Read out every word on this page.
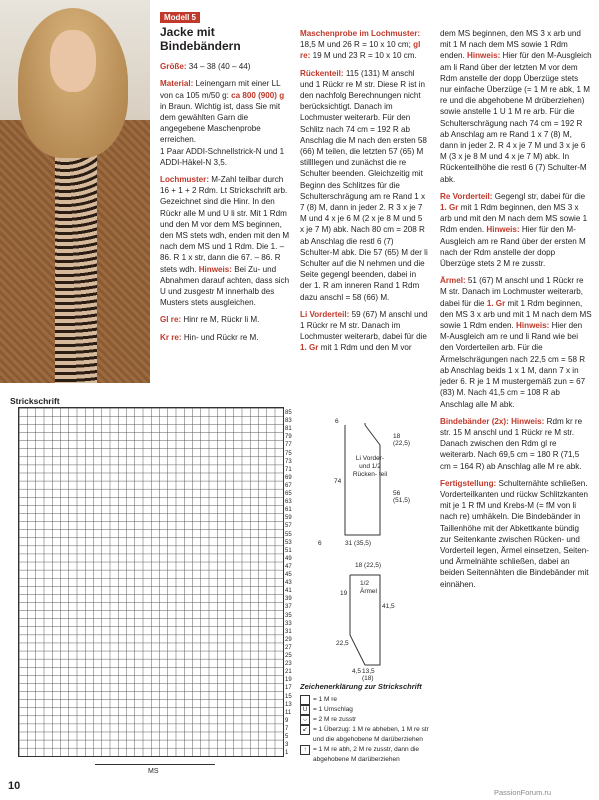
Modell 5
Jacke mit Bindebändern

Größe: 34 – 38 (40 – 44)

Material: Leinengarn mit einer LL von ca 105 m/50 g: ca 800 (900) g in Braun. Wichtig ist, dass Sie mit dem gewählten Garn die angegebene Maschenprobe erreichen.
1 Paar ADDI-Schnellstrick-N und 1 ADDI-Häkel-N 3,5.

Lochmuster: M-Zahl teilbar durch 16 + 1 + 2 Rdm. Lt Strickschrift arb. Gezeichnet sind die Hinr. In den Rückr alle M und U li str. Mit 1 Rdm und den M vor dem MS beginnen, den MS stets wdh, enden mit den M nach dem MS und 1 Rdm. Die 1. – 86. R 1 x str, dann die 67. – 86. R stets wdh. Hinweis: Bei Zu- und Abnahmen darauf achten, dass sich U und zusgestr M innerhalb des Musters stets ausgleichen.

Gl re: Hinr re M, Rückr li M.

Kr re: Hin- und Rückr re M.

Maschenprobe im Lochmuster: 18,5 M und 26 R = 10 x 10 cm; gl re: 19 M und 23 R = 10 x 10 cm.

Rückenteil: 115 (131) M anschl und 1 Rückr re M str. Diese R ist in den nachfolg Berechnungen nicht berücksichtigt. Danach im Lochmuster weiterarb. Für den Schlitz nach 74 cm = 192 R ab Anschlag die M nach den ersten 58 (66) M teilen, die letzten 57 (65) M stillllegen und zunächst die re Schulter beenden. Gleichzeitig mit Beginn des Schlitzes für die Schulterschrägung am re Rand 1 x 7 (8) M, dann in jeder 2. R 3 x je 7 M und 4 x je 6 M (2 x je 8 M und 5 x je 7 M) abk. Nach 80 cm = 208 R ab Anschlag die restl 6 (7) Schulter-M abk. Die 57 (65) M der li Schulter auf die N nehmen und die Seite gegengl beenden, dabei in der 1. R am inneren Rand 1 Rdm dazu anschl = 58 (66) M.

Li Vorderteil: 59 (67) M anschl und 1 Rückr re M str. Danach im Lochmuster weiterarb, dabei für die 1. Gr mit 1 Rdm und den M vor

dem MS beginnen, den MS 3 x arb und mit 1 M nach dem MS sowie 1 Rdm enden. Hinweis: Hier für den M-Ausgleich am li Rand über der letzten M vor dem Rdm anstelle der dopp Überzüge stets nur einfache Überzüge (= 1 M re abk, 1 M re und die abgehobene M drüberziehen) sowie anstelle 1 U 1 M re arb. Für die Schulterschrägung nach 74 cm = 192 R ab Anschlag am re Rand 1 x 7 (8) M, dann in jeder 2. R 4 x je 7 M und 3 x je 6 M (3 x je 8 M und 4 x je 7 M) abk. In Rückenteilhöhe die restl 6 (7) Schulter-M abk.

Re Vorderteil: Gegengl str, dabei für die 1. Gr mit 1 Rdm beginnen, den MS 3 x arb und mit den M nach dem MS sowie 1 Rdm enden. Hinweis: Hier für den M-Ausgleich am re Rand über der ersten M nach der Rdm anstelle der dopp Überzüge stets 2 M re zusstr.

Ärmel: 51 (67) M anschl und 1 Rückr re M str. Danach im Lochmuster weiterarb, dabei für die 1. Gr mit 1 Rdm beginnen, den MS 3 x arb und mit 1 M nach dem MS sowie 1 Rdm enden. Hinweis: Hier den M-Ausgleich am re und li Rand wie bei den Vorderteilen arb. Für die Ärmelschrägungen nach 22,5 cm = 58 R ab Anschlag beids 1 x 1 M, dann 7 x in jeder 6. R je 1 M mustergemäß zun = 67 (83) M. Nach 41,5 cm = 108 R ab Anschlag alle M abk.

Bindebänder (2x): Hinweis: Rdm kr re str. 15 M anschl und 1 Rückr re M str. Danach zwischen den Rdm gl re weiterarb. Nach 69,5 cm = 180 R (71,5 cm = 164 R) ab Anschlag alle M re abk.

Fertigstellung: Schulternähte schließen. Vorderteilkanten und rückw Schlitzkanten mit je 1 R fM und Krebs-M (= fM von li nach re) umhäkeln. Die Bindebänder in Taillenhöhe mit der Abkettkante bündig zur Seitenkante zwischen Rücken- und Vorderteil legen, Ärmel einsetzen, Seiten- und Ärmelnähte schließen, dabei an beiden Seitennähten die Bindebänder mit einnähen.

Strickschrift
85
83
81
79
77
75
73
71
69
67
65
63
61
59
57
55
53
51
49
47
45
43
41
39
37
35
33
31
29
27
25
23
21
19
17
15
13
11
9
7
5
3
1
MS
Li Vorder- und 1/2 Rücken- teil
6
18 (22,5)
74
56 (51,5)
31 (35,5)
6
1/2 Ärmel
18 (22,5)
19
22,5
41,5
13,5 (18)
4,5
Zeichenerklärung zur Strickschrift
= 1 M re
U = 1 Umschlag
⌵ = 2 M re zusstr
↙ = 1 Überzug: 1 M re abheben, 1 M re str und die abgehobene M darüberziehen
↑	= 1 M re abh, 2 M re zusstr, dann die abgehobene M darüberziehen
10
PassionForum.ru
